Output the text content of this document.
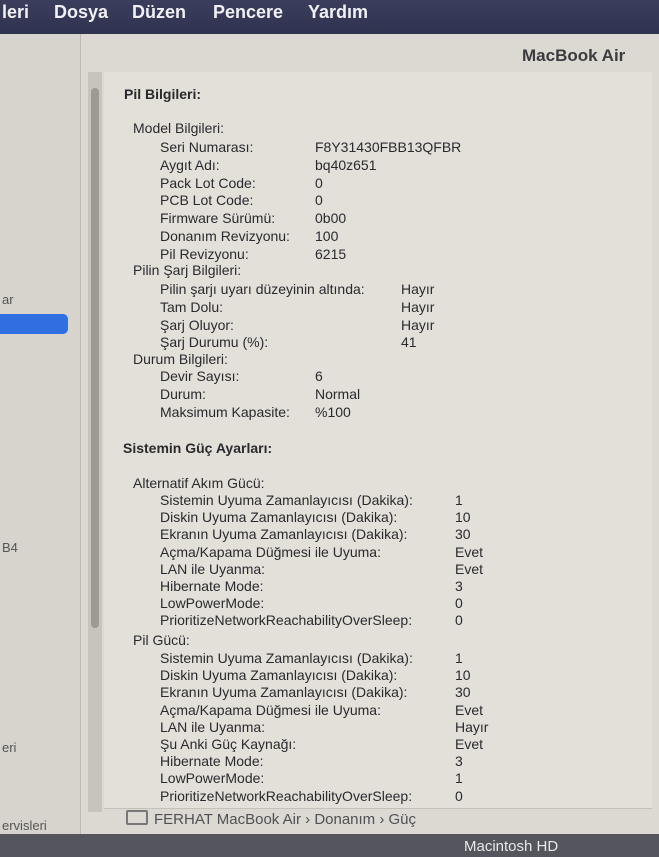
leri Dosya Düzen Pencere Yardım
MacBook Air
ar
B4
eri
ervisleri
Pil Bilgileri:
Model Bilgileri:
Seri Numarası:	F8Y31430FBB13QFBR
Aygıt Adı:	bq40z651
Pack Lot Code:	0
PCB Lot Code:	0
Firmware Sürümü:	0b00
Donanım Revizyonu: 100
Pil Revizyonu:	6215
Pilin Şarj Bilgileri:
Pilin şarjı uyarı düzeyinin altında:	Hayır
Tam Dolu:	Hayır
Şarj Oluyor:	Hayır
Şarj Durumu (%):	41
Durum Bilgileri:
Devir Sayısı:	6
Durum:	Normal
Maksimum Kapasite: %100
Sistemin Güç Ayarları:
Alternatif Akım Gücü:
Sistemin Uyuma Zamanlayıcısı (Dakika):	1
Diskin Uyuma Zamanlayıcısı (Dakika):	10
Ekranın Uyuma Zamanlayıcısı (Dakika):	30
Açma/Kapama Düğmesi ile Uyuma:	Evet
LAN ile Uyanma:	Evet
Hibernate Mode:	3
LowPowerMode:	0
PrioritizeNetworkReachabilityOverSleep:	0
Pil Gücü:
Sistemin Uyuma Zamanlayıcısı (Dakika):	1
Diskin Uyuma Zamanlayıcısı (Dakika):	10
Ekranın Uyuma Zamanlayıcısı (Dakika):	30
Açma/Kapama Düğmesi ile Uyuma:	Evet
LAN ile Uyanma:	Hayır
Şu Anki Güç Kaynağı:	Evet
Hibernate Mode:	3
LowPowerMode:	1
PrioritizeNetworkReachabilityOverSleep:	0
FERHAT MacBook Air › Donanım › Güç
Macintosh HD
